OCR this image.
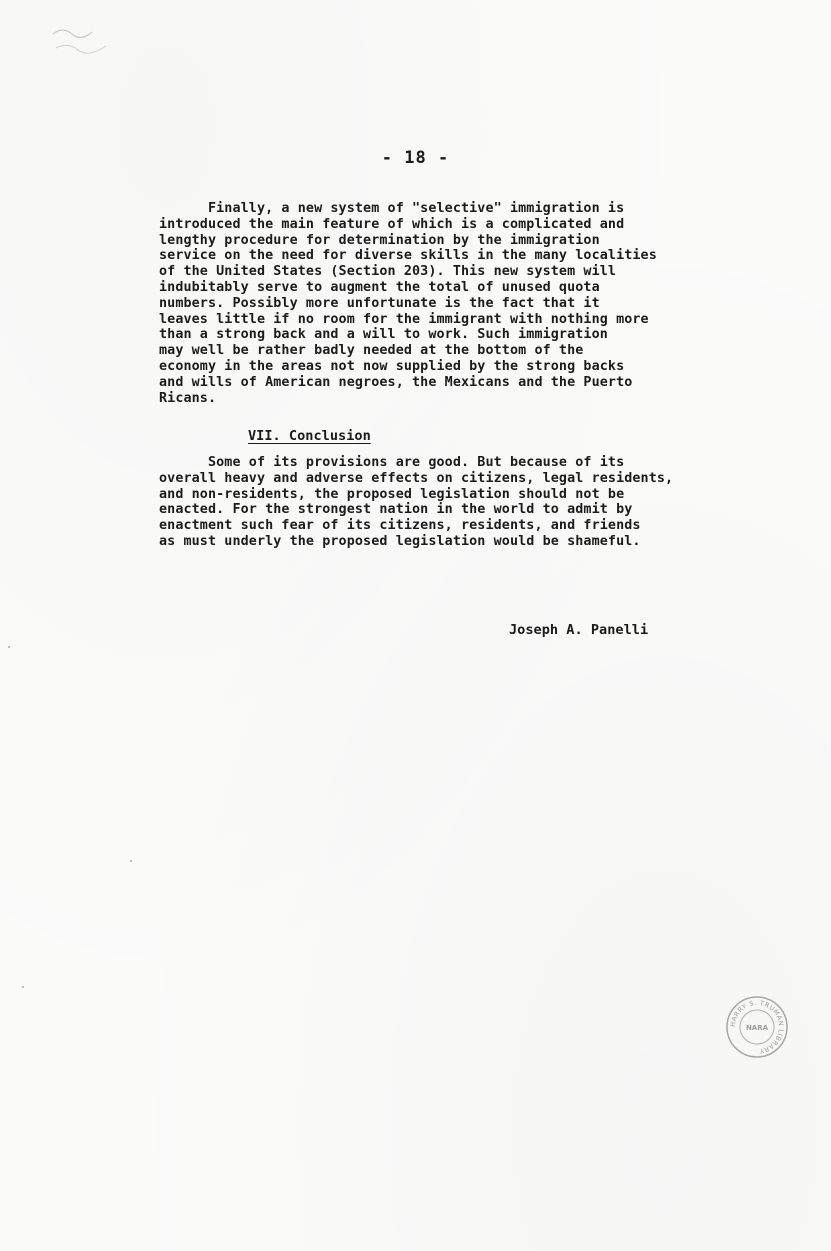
- 18 -
Finally, a new system of "selective" immigration is
introduced the main feature of which is a complicated and
lengthy procedure for determination by the immigration
service on the need for diverse skills in the many localities
of the United States (Section 203). This new system will
indubitably serve to augment the total of unused quota
numbers. Possibly more unfortunate is the fact that it
leaves little if no room for the immigrant with nothing more
than a strong back and a will to work. Such immigration
may well be rather badly needed at the bottom of the
economy in the areas not now supplied by the strong backs
and wills of American negroes, the Mexicans and the Puerto
Ricans.
VII. Conclusion
Some of its provisions are good. But because of its
overall heavy and adverse effects on citizens, legal residents,
and non-residents, the proposed legislation should not be
enacted. For the strongest nation in the world to admit by
enactment such fear of its citizens, residents, and friends
as must underly the proposed legislation would be shameful.
Joseph A. Panelli
HARRY S. TRUMAN LIBRARY
NARA
